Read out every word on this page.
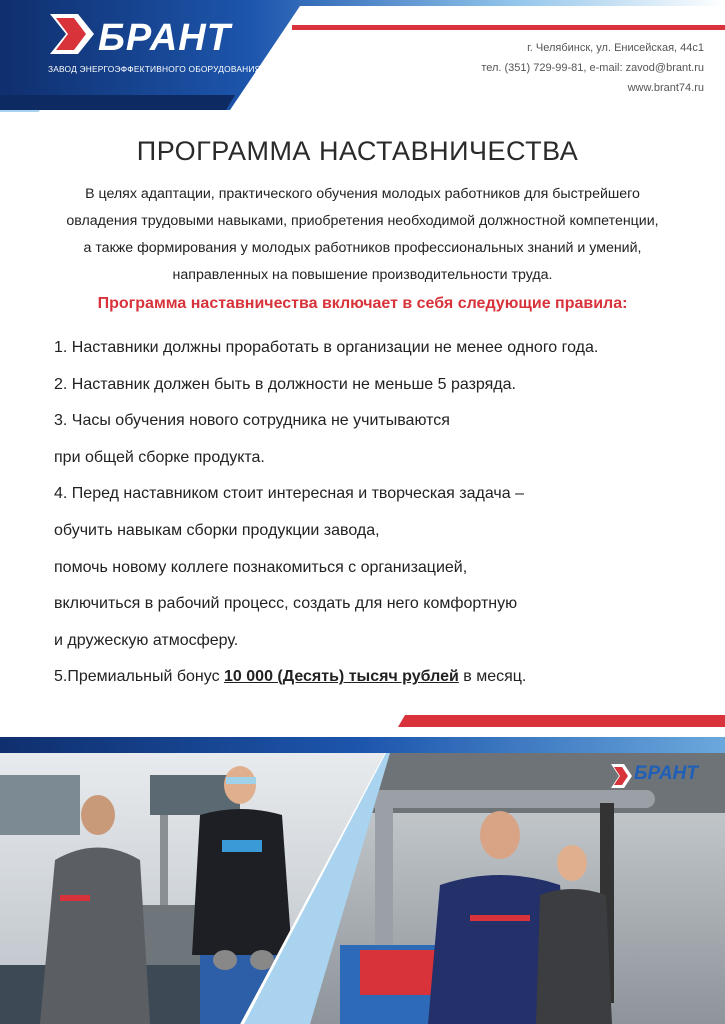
БРАНТ
ЗАВОД ЭНЕРГОЭФФЕКТИВНОГО ОБОРУДОВАНИЯ
г. Челябинск, ул. Енисейская, 44с1
тел. (351) 729-99-81, e-mail: zavod@brant.ru
www.brant74.ru
ПРОГРАММА НАСТАВНИЧЕСТВА
В целях адаптации, практического обучения молодых работников для быстрейшего
овладения трудовыми навыками, приобретения необходимой должностной компетенции,
а также формирования у молодых работников профессиональных знаний и умений,
направленных на повышение производительности труда.
Программа наставничества включает в себя следующие правила:
1. Наставники должны проработать в организации не менее одного года.
2. Наставник должен быть в должности не меньше 5 разряда.
3. Часы обучения нового сотрудника не учитываются
при общей сборке продукта.
4. Перед наставником стоит интересная и творческая задача –
обучить навыкам сборки продукции завода,
помочь новому коллеге познакомиться с организацией,
включиться в рабочий процесс, создать для него комфортную
и дружескую атмосферу.
5.Премиальный бонус 10 000 (Десять) тысяч рублей в месяц.
БРАНТ
